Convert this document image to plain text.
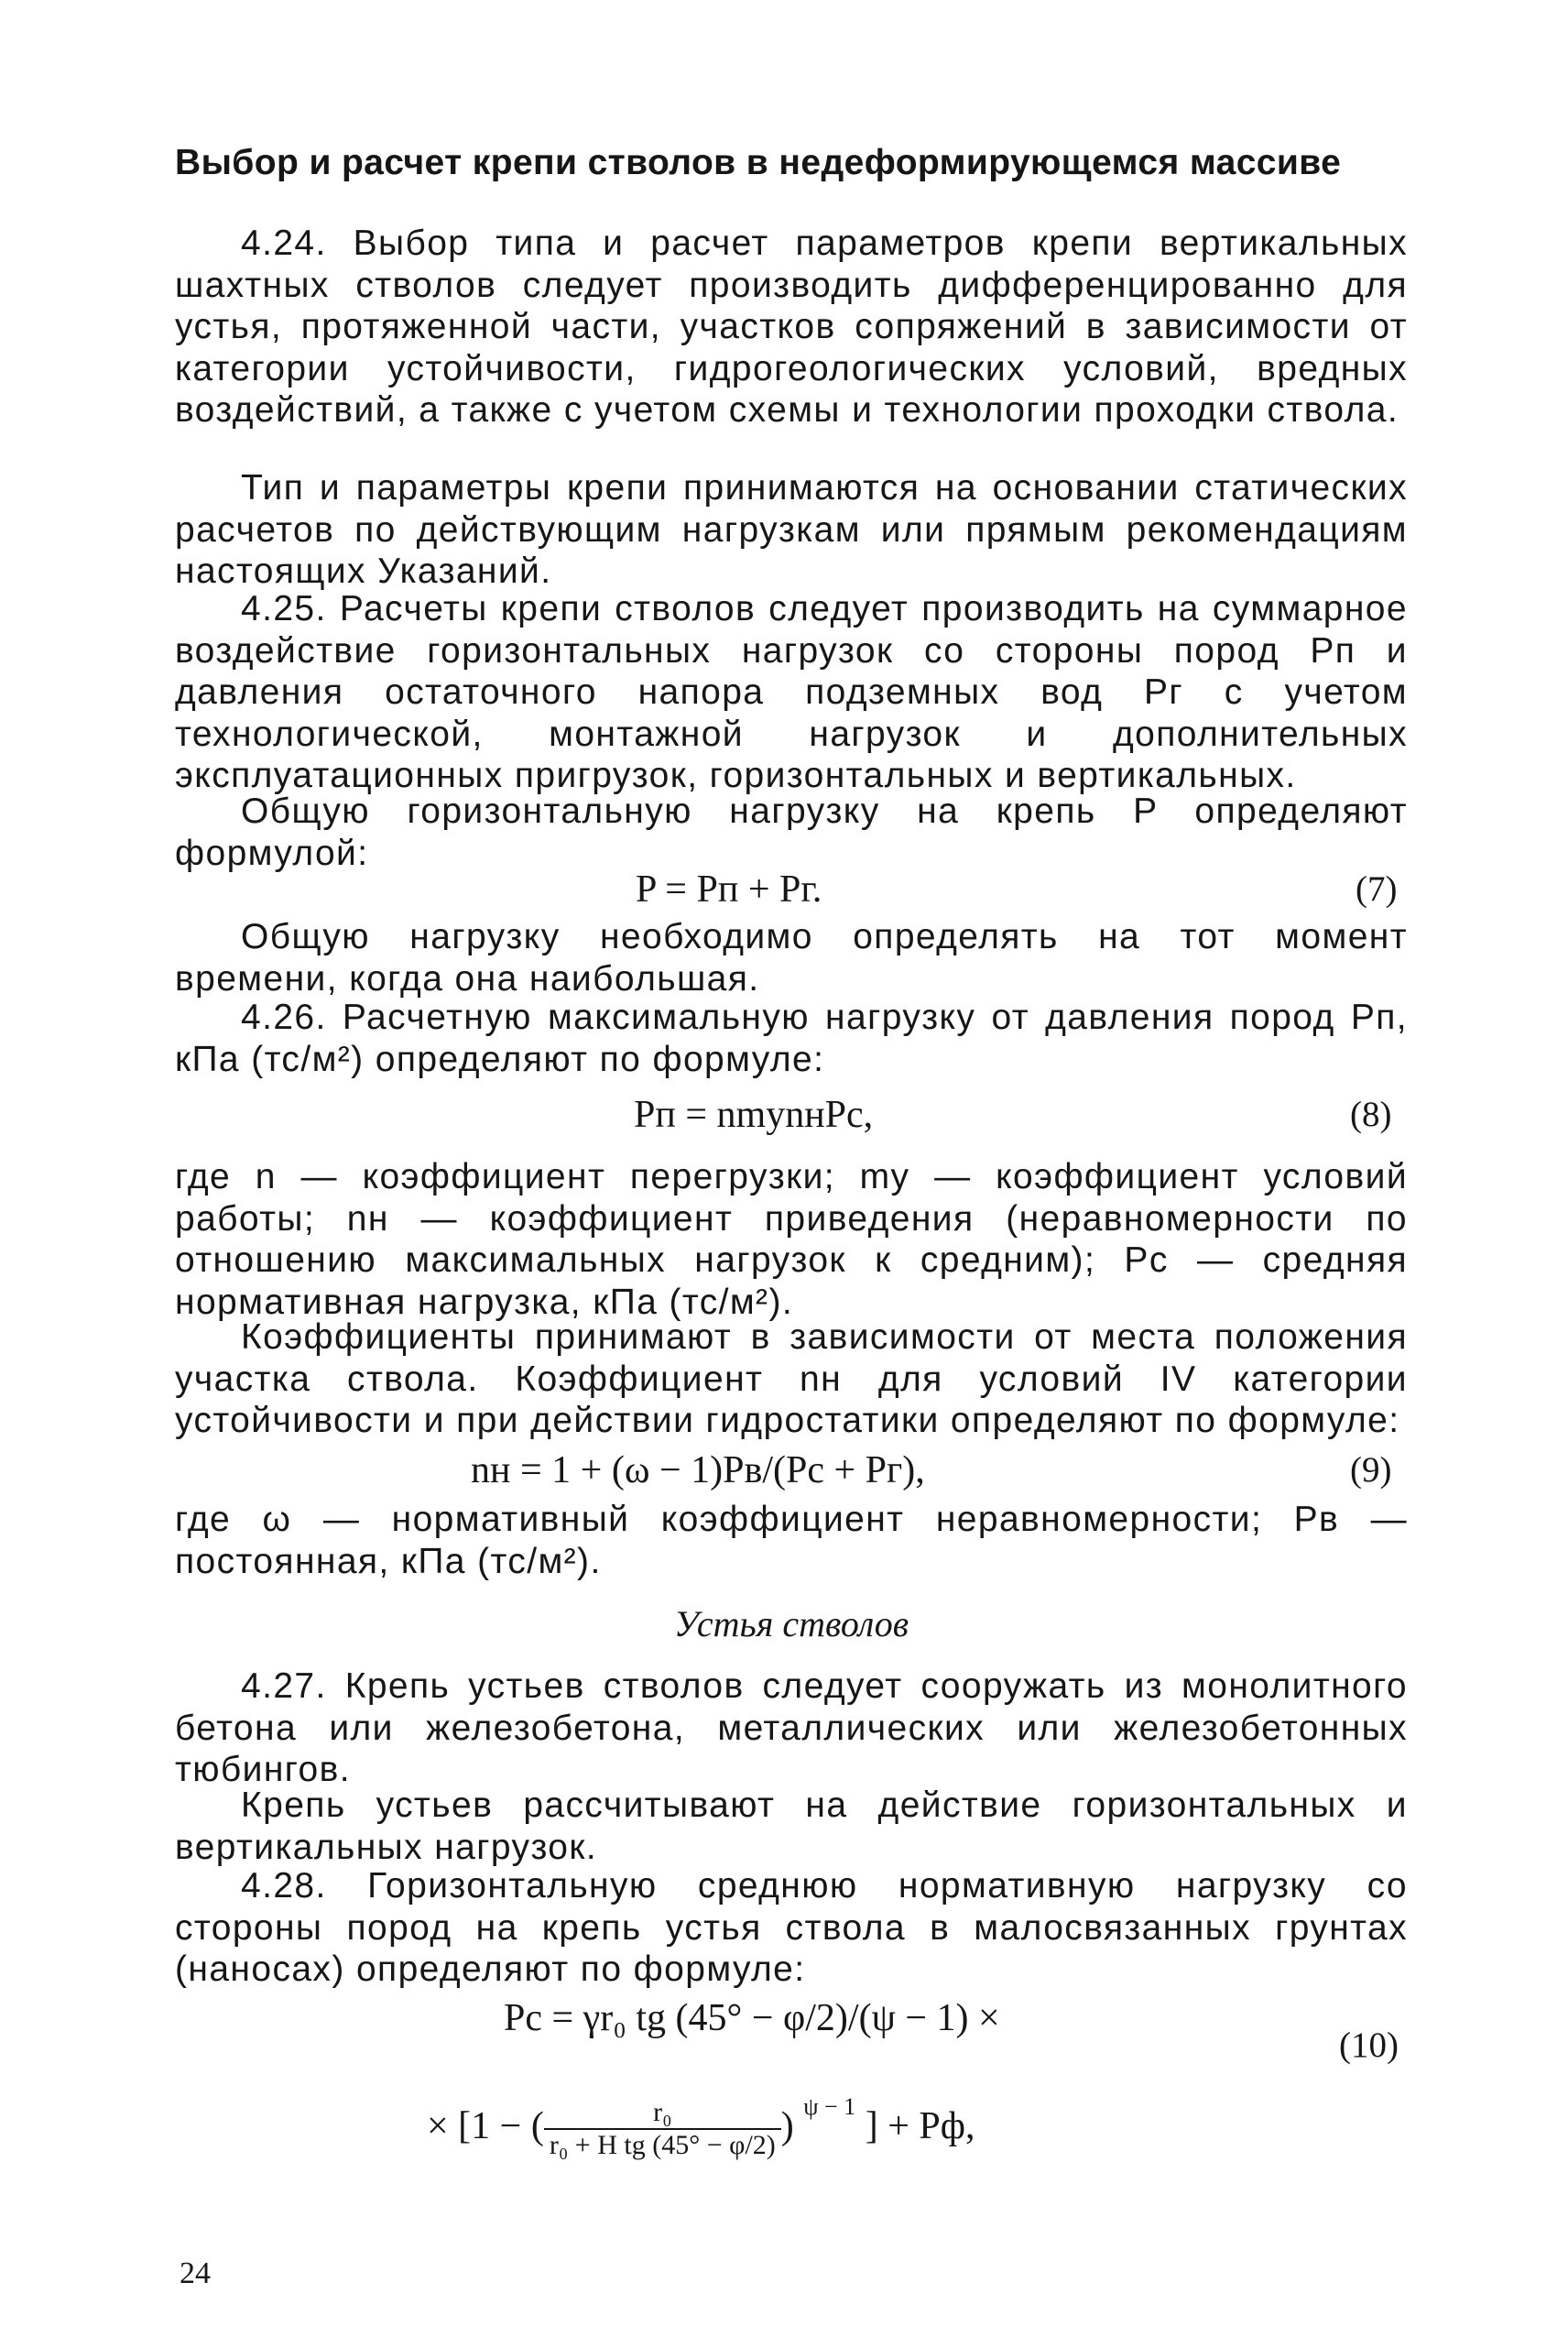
Выбор и расчет крепи стволов в недеформирующемся массиве
4.24. Выбор типа и расчет параметров крепи вертикальных шахтных стволов следует производить дифференцированно для устья, протяженной части, участков сопряжений в зависимости от категории устойчивости, гидрогеологических условий, вредных воздействий, а также с учетом схемы и технологии проходки ствола.
Тип и параметры крепи принимаются на основании статических расчетов по действующим нагрузкам или прямым рекомендациям настоящих Указаний.
4.25. Расчеты крепи стволов следует производить на суммарное воздействие горизонтальных нагрузок со стороны пород Pп и давления остаточного напора подземных вод Pг с учетом технологической, монтажной нагрузок и дополнительных эксплуатационных пригрузок, горизонтальных и вертикальных.
Общую горизонтальную нагрузку на крепь P определяют формулой:
P = Pп + Pг.	(7)
Общую нагрузку необходимо определять на тот момент времени, когда она наибольшая.
4.26. Расчетную максимальную нагрузку от давления пород Pп, кПа (тс/м²) определяют по формуле:
Pп = nmуnнPс,	(8)
где n — коэффициент перегрузки; mу — коэффициент условий работы; nн — коэффициент приведения (неравномерности по отношению максимальных нагрузок к средним); Pс — средняя нормативная нагрузка, кПа (тс/м²).
Коэффициенты принимают в зависимости от места положения участка ствола. Коэффициент nн для условий IV категории устойчивости и при действии гидростатики определяют по формуле:
nн = 1 + (ω − 1)Pв/(Pс + Pг),	(9)
где ω — нормативный коэффициент неравномерности; Pв — постоянная, кПа (тс/м²).
Устья стволов
4.27. Крепь устьев стволов следует сооружать из монолитного бетона или железобетона, металлических или железобетонных тюбингов.
Крепь устьев рассчитывают на действие горизонтальных и вертикальных нагрузок.
4.28. Горизонтальную среднюю нормативную нагрузку со стороны пород на крепь устья ствола в малосвязанных грунтах (наносах) определяют по формуле:
Pс = γr₀ tg (45° − φ/2)/(ψ − 1) ×
× [1 − ( $\frac{\text{r₀}}{\text{r₀ + H tg (45° − φ/2)}}$ ) $^{\psi - 1}$ ] + Pф,
(10)
24
